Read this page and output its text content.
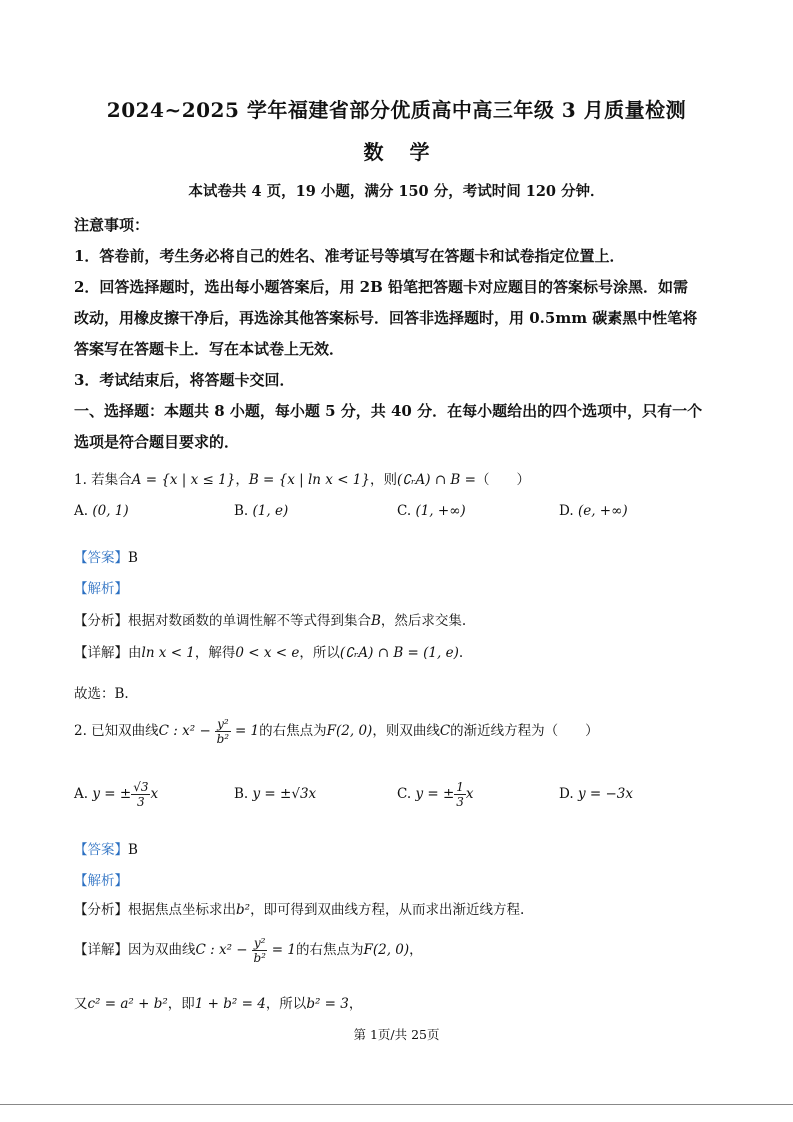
2024~2025 学年福建省部分优质高中高三年级 3 月质量检测
数学
本试卷共 4 页，19 小题，满分 150 分，考试时间 120 分钟．
注意事项：
1．答卷前，考生务必将自己的姓名、准考证号等填写在答题卡和试卷指定位置上．
2．回答选择题时，选出每小题答案后，用 2B 铅笔把答题卡对应题目的答案标号涂黑．如需
改动，用橡皮擦干净后，再选涂其他答案标号．回答非选择题时，用 0.5mm 碳素黑中性笔将
答案写在答题卡上．写在本试卷上无效．
3．考试结束后，将答题卡交回．
一、选择题：本题共 8 小题，每小题 5 分，共 40 分．在每小题给出的四个选项中，只有一个
选项是符合题目要求的．
1. 若集合A = {x | x ≤ 1}，B = {x | ln x < 1}，则(∁ᵣA) ∩ B =（　　）
A. (0, 1)	B. (1, e)	C. (1, +∞)	D. (e, +∞)
【答案】B
【解析】
【分析】根据对数函数的单调性解不等式得到集合B，然后求交集.
【详解】由ln x < 1，解得0 < x < e，所以(∁ᵣA) ∩ B = (1, e).
故选：B.
2. 已知双曲线C : $x^2 - \frac{\text{y²}}{\text{b²}} = 1$的右焦点为F(2, 0)，则双曲线C的渐近线方程为（　　）
A. y = ± $\frac{√3}{3}$ x	B. y = ±√3x	C. y = ± $\frac{1}{3}$ x	D. y = −3x
【答案】B
【解析】
【分析】根据焦点坐标求出b²，即可得到双曲线方程，从而求出渐近线方程.
【详解】因为双曲线C : $x^2 - \frac{\text{y²}}{\text{b²}} = 1$的右焦点为F(2, 0)，
又c² = a² + b²，即1 + b² = 4，所以b² = 3，
第 1页/共 25页
